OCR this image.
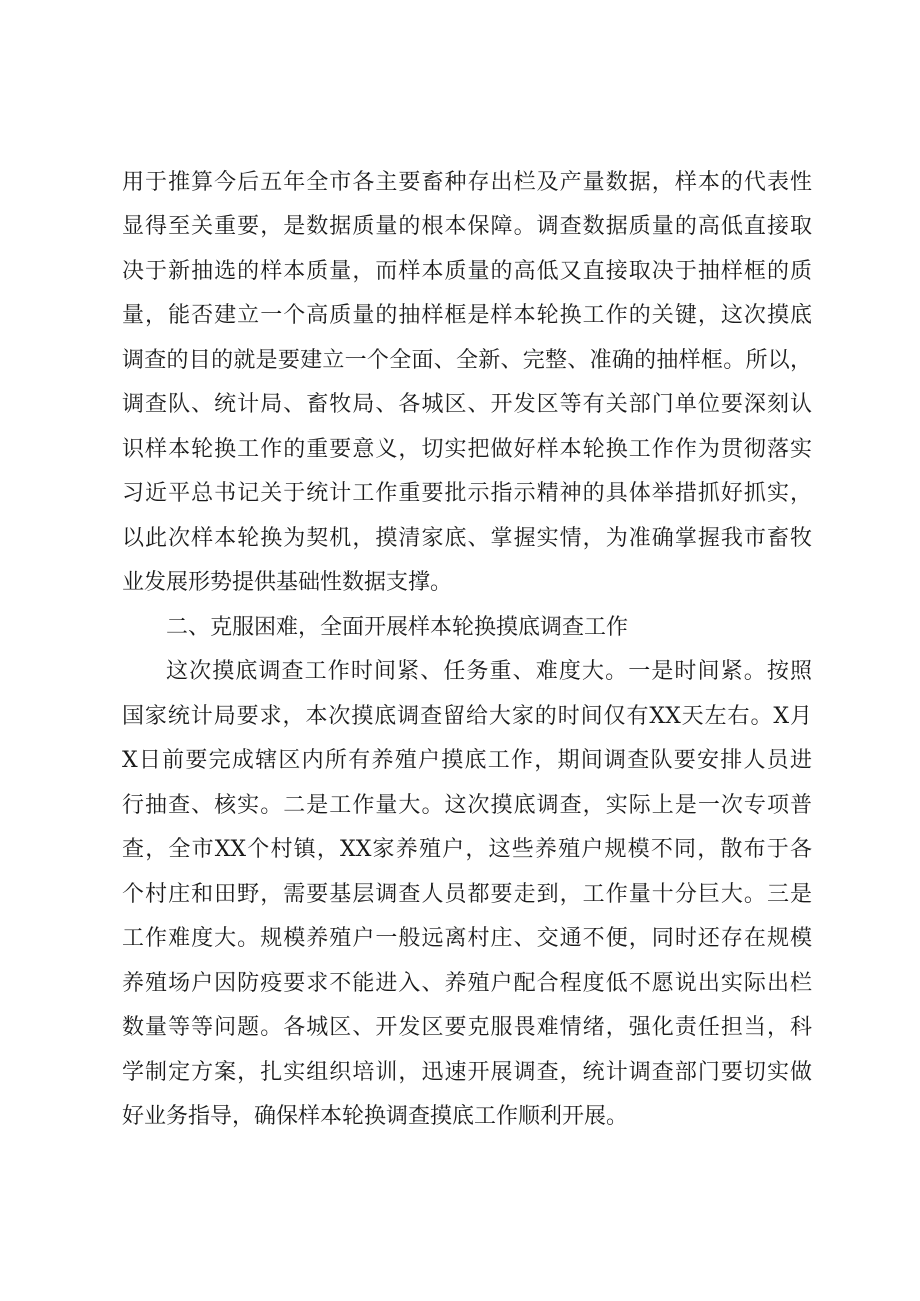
用于推算今后五年全市各主要畜种存出栏及产量数据，样本的代表性
显得至关重要，是数据质量的根本保障。调查数据质量的高低直接取
决于新抽选的样本质量，而样本质量的高低又直接取决于抽样框的质
量，能否建立一个高质量的抽样框是样本轮换工作的关键，这次摸底
调查的目的就是要建立一个全面、全新、完整、准确的抽样框。所以，
调查队、统计局、畜牧局、各城区、开发区等有关部门单位要深刻认
识样本轮换工作的重要意义，切实把做好样本轮换工作作为贯彻落实
习近平总书记关于统计工作重要批示指示精神的具体举措抓好抓实，
以此次样本轮换为契机，摸清家底、掌握实情，为准确掌握我市畜牧
业发展形势提供基础性数据支撑。
二、克服困难，全面开展样本轮换摸底调查工作
这次摸底调查工作时间紧、任务重、难度大。一是时间紧。按照
国家统计局要求，本次摸底调查留给大家的时间仅有XX天左右。X月
X日前要完成辖区内所有养殖户摸底工作，期间调查队要安排人员进
行抽查、核实。二是工作量大。这次摸底调查，实际上是一次专项普
查，全市XX个村镇，XX家养殖户，这些养殖户规模不同，散布于各
个村庄和田野，需要基层调查人员都要走到，工作量十分巨大。三是
工作难度大。规模养殖户一般远离村庄、交通不便，同时还存在规模
养殖场户因防疫要求不能进入、养殖户配合程度低不愿说出实际出栏
数量等等问题。各城区、开发区要克服畏难情绪，强化责任担当，科
学制定方案，扎实组织培训，迅速开展调查，统计调查部门要切实做
好业务指导，确保样本轮换调查摸底工作顺利开展。
